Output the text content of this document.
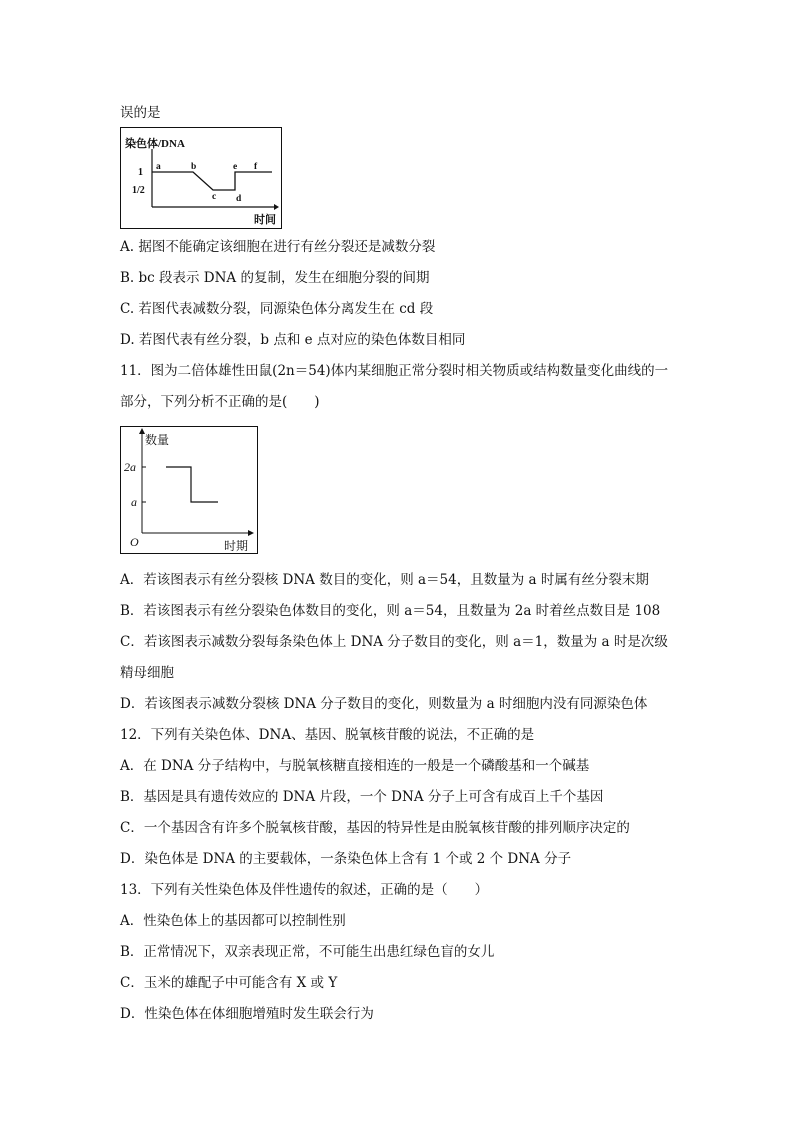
误的是
染色体/DNA
时间
1
1/2
a	b
c d
e f
A. 据图不能确定该细胞在进行有丝分裂还是减数分裂
B. bc 段表示 DNA 的复制，发生在细胞分裂的间期
C. 若图代表减数分裂，同源染色体分离发生在 cd 段
D. 若图代表有丝分裂，b 点和 e 点对应的染色体数目相同
11．图为二倍体雄性田鼠(2n＝54)体内某细胞正常分裂时相关物质或结构数量变化曲线的一
部分，下列分析不正确的是(　　)
数量
时期
O
2a
a
A．若该图表示有丝分裂核 DNA 数目的变化，则 a＝54，且数量为 a 时属有丝分裂末期
B．若该图表示有丝分裂染色体数目的变化，则 a＝54，且数量为 2a 时着丝点数目是 108
C．若该图表示减数分裂每条染色体上 DNA 分子数目的变化，则 a＝1，数量为 a 时是次级
精母细胞
D．若该图表示减数分裂核 DNA 分子数目的变化，则数量为 a 时细胞内没有同源染色体
12．下列有关染色体、DNA、基因、脱氧核苷酸的说法，不正确的是
A．在 DNA 分子结构中，与脱氧核糖直接相连的一般是一个磷酸基和一个碱基
B．基因是具有遗传效应的 DNA 片段，一个 DNA 分子上可含有成百上千个基因
C．一个基因含有许多个脱氧核苷酸，基因的特异性是由脱氧核苷酸的排列顺序决定的
D．染色体是 DNA 的主要载体，一条染色体上含有 1 个或 2 个 DNA 分子
13．下列有关性染色体及伴性遗传的叙述，正确的是（　　）
A．性染色体上的基因都可以控制性别
B．正常情况下，双亲表现正常，不可能生出患红绿色盲的女儿
C．玉米的雄配子中可能含有 X 或 Y
D．性染色体在体细胞增殖时发生联会行为
